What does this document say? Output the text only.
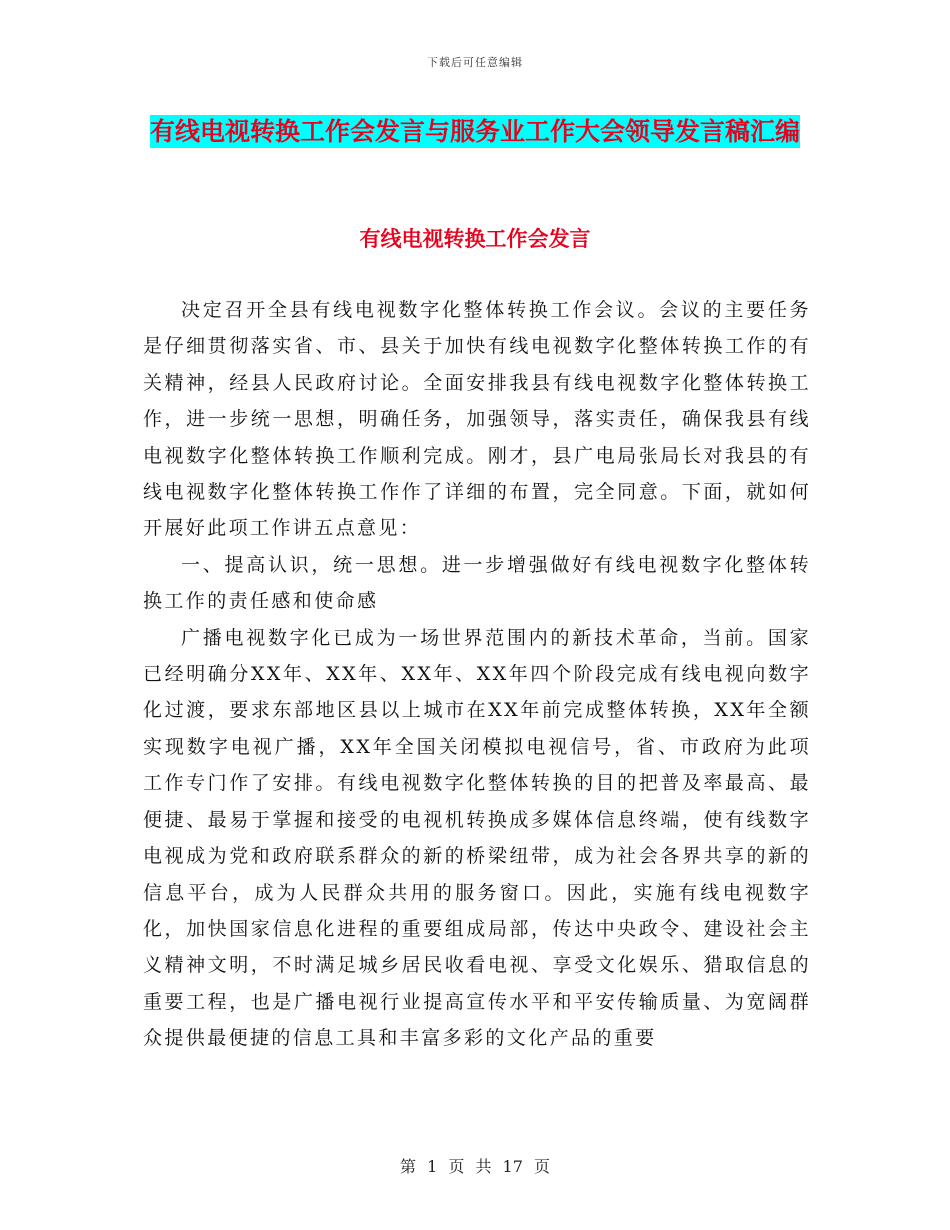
下载后可任意编辑
有线电视转换工作会发言与服务业工作大会领导发言稿汇编
有线电视转换工作会发言

决定召开全县有线电视数字化整体转换工作会议。会议的主要任务是仔细贯彻落实省、市、县关于加快有线电视数字化整体转换工作的有关精神，经县人民政府讨论。全面安排我县有线电视数字化整体转换工作，进一步统一思想，明确任务，加强领导，落实责任，确保我县有线电视数字化整体转换工作顺利完成。刚才，县广电局张局长对我县的有线电视数字化整体转换工作作了详细的布置，完全同意。下面，就如何开展好此项工作讲五点意见：

一、提高认识，统一思想。进一步增强做好有线电视数字化整体转换工作的责任感和使命感

广播电视数字化已成为一场世界范围内的新技术革命，当前。国家已经明确分XX年、XX年、XX年、XX年四个阶段完成有线电视向数字化过渡，要求东部地区县以上城市在XX年前完成整体转换，XX年全额实现数字电视广播，XX年全国关闭模拟电视信号，省、市政府为此项工作专门作了安排。有线电视数字化整体转换的目的把普及率最高、最便捷、最易于掌握和接受的电视机转换成多媒体信息终端，使有线数字电视成为党和政府联系群众的新的桥梁纽带，成为社会各界共享的新的信息平台，成为人民群众共用的服务窗口。因此，实施有线电视数字化，加快国家信息化进程的重要组成局部，传达中央政令、建设社会主义精神文明，不时满足城乡居民收看电视、享受文化娱乐、猎取信息的重要工程，也是广播电视行业提高宣传水平和平安传输质量、为宽阔群众提供最便捷的信息工具和丰富多彩的文化产品的重要

第 1 页 共 17 页
